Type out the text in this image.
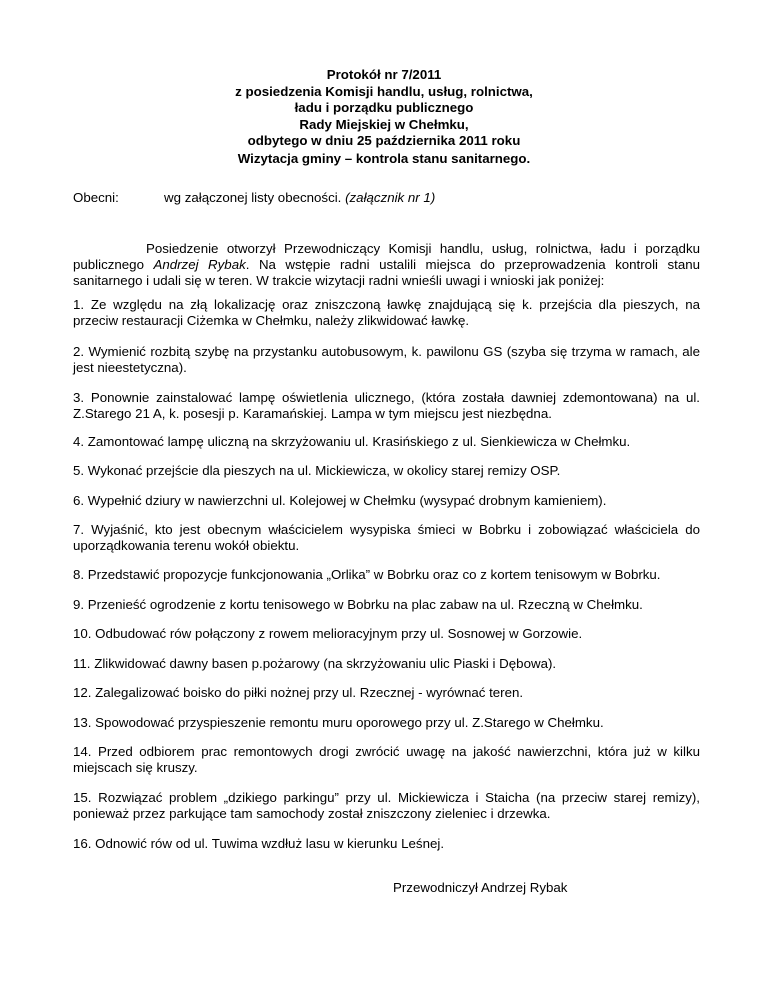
Protokół nr 7/2011
z posiedzenia Komisji handlu, usług, rolnictwa,
ładu i porządku publicznego
Rady Miejskiej w Chełmku,
odbytego w dniu 25 października 2011 roku
Wizytacja gminy – kontrola stanu sanitarnego.
Obecni:	wg załączonej listy obecności. (załącznik nr 1)
Posiedzenie otworzył Przewodniczący Komisji handlu, usług, rolnictwa, ładu i porządku publicznego Andrzej Rybak. Na wstępie radni ustalili miejsca do przeprowadzenia kontroli stanu sanitarnego i udali się w teren. W trakcie wizytacji radni wnieśli uwagi i wnioski jak poniżej:
1. Ze względu na złą lokalizację oraz zniszczoną ławkę znajdującą się k. przejścia dla pieszych, na przeciw restauracji Ciżemka w Chełmku, należy zlikwidować ławkę.
2. Wymienić rozbitą szybę na przystanku autobusowym, k. pawilonu GS (szyba się trzyma w ramach, ale jest nieestetyczna).
3. Ponownie zainstalować lampę oświetlenia ulicznego, (która została dawniej zdemontowana) na ul. Z.Starego 21 A, k. posesji p. Karamańskiej. Lampa w tym miejscu jest niezbędna.
4. Zamontować lampę uliczną na skrzyżowaniu ul. Krasińskiego z ul. Sienkiewicza w Chełmku.
5. Wykonać przejście dla pieszych na ul. Mickiewicza, w okolicy starej remizy OSP.
6. Wypełnić dziury w nawierzchni ul. Kolejowej w Chełmku (wysypać drobnym kamieniem).
7. Wyjaśnić, kto jest obecnym właścicielem wysypiska śmieci w Bobrku i zobowiązać właściciela do uporządkowania terenu wokół obiektu.
8. Przedstawić propozycje funkcjonowania „Orlika” w Bobrku oraz co z kortem tenisowym w Bobrku.
9. Przenieść ogrodzenie z kortu tenisowego w Bobrku na plac zabaw na ul. Rzeczną w Chełmku.
10. Odbudować rów połączony z rowem melioracyjnym przy ul. Sosnowej w Gorzowie.
11. Zlikwidować dawny basen p.pożarowy (na skrzyżowaniu ulic Piaski i Dębowa).
12. Zalegalizować boisko do piłki nożnej przy ul. Rzecznej - wyrównać teren.
13. Spowodować przyspieszenie remontu muru oporowego przy ul. Z.Starego w Chełmku.
14. Przed odbiorem prac remontowych drogi zwrócić uwagę na jakość nawierzchni, która już w kilku miejscach się kruszy.
15. Rozwiązać problem „dzikiego parkingu” przy ul. Mickiewicza i Staicha (na przeciw starej remizy), ponieważ przez parkujące tam samochody został zniszczony zieleniec i drzewka.
16. Odnowić rów od ul. Tuwima wzdłuż lasu w kierunku Leśnej.
Przewodniczył Andrzej Rybak
